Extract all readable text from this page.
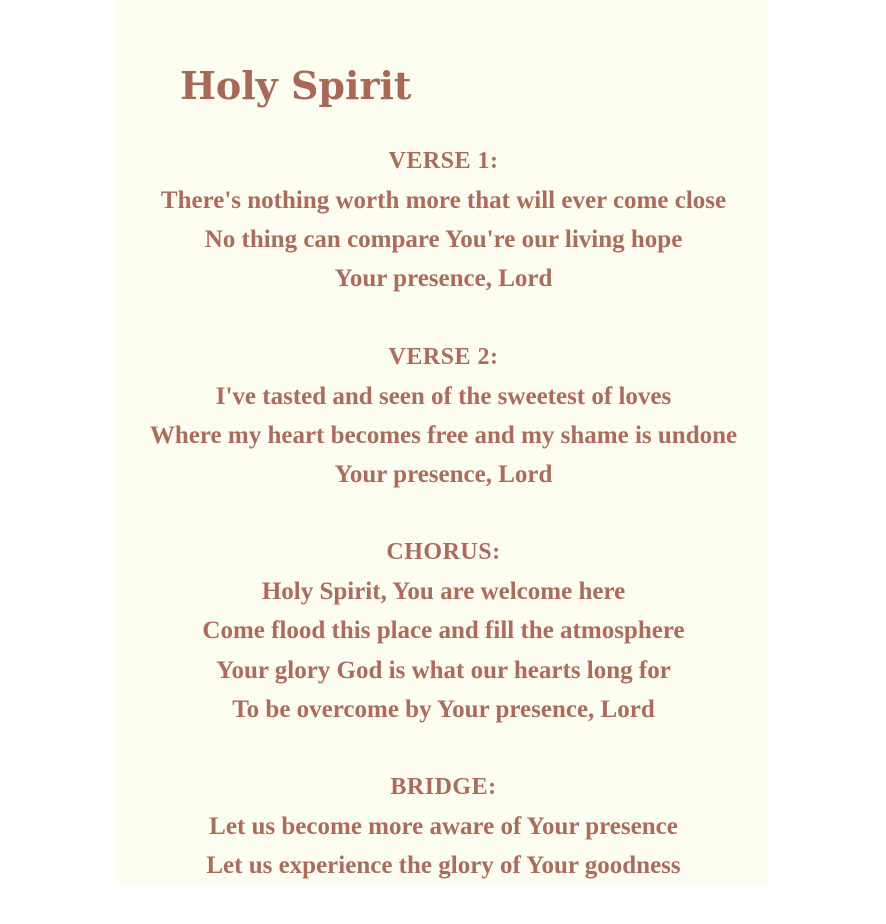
Holy Spirit
VERSE 1:
There's nothing worth more that will ever come close
No thing can compare You're our living hope
Your presence, Lord
VERSE 2:
I've tasted and seen of the sweetest of loves
Where my heart becomes free and my shame is undone
Your presence, Lord
CHORUS:
Holy Spirit, You are welcome here
Come flood this place and fill the atmosphere
Your glory God is what our hearts long for
To be overcome by Your presence, Lord
BRIDGE:
Let us become more aware of Your presence
Let us experience the glory of Your goodness
